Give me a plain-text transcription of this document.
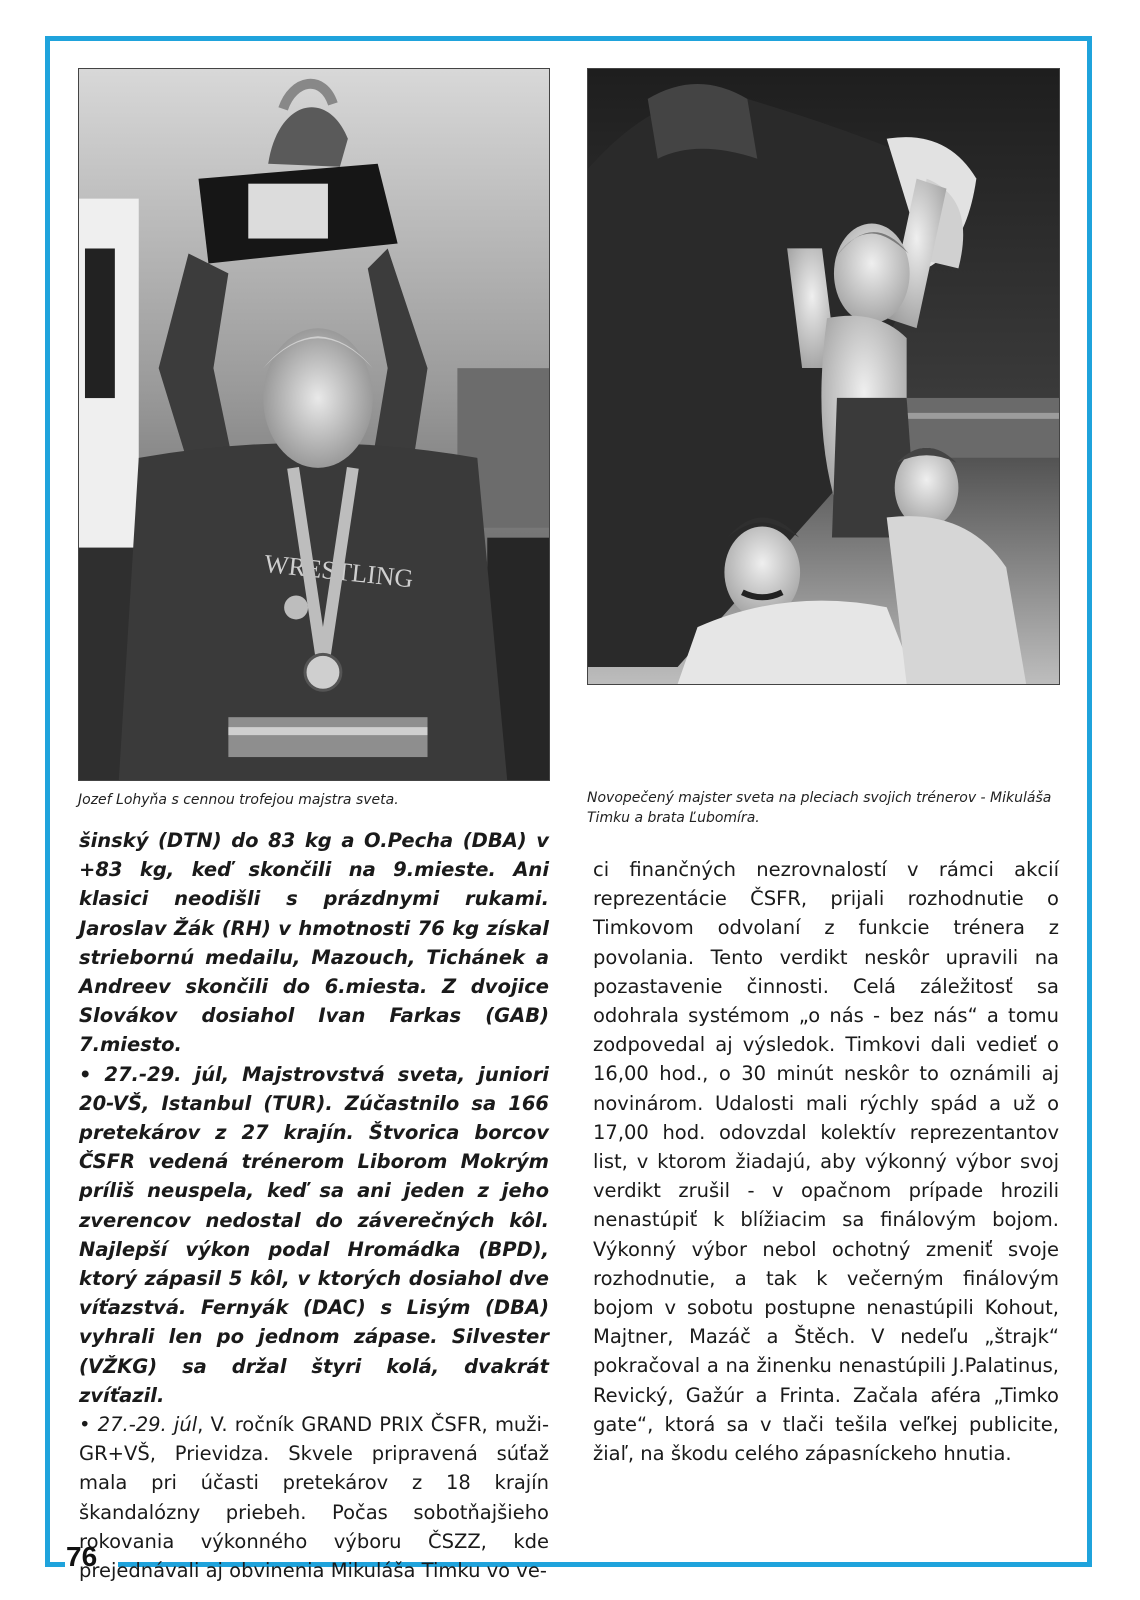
76
WRESTLING
Jozef Lohyňa s cennou trofejou majstra sveta.	Novopečený majster sveta na pleciach svojich trénerov - Mikuláša Timku a brata Ľubomíra.

šinský (DTN) do 83 kg a O.Pecha (DBA) v +83 kg, keď skončili na 9.mieste. Ani klasici neodišli s prázdnymi rukami. Jaroslav Žák (RH) v hmotnosti 76 kg získal striebornú medailu, Mazouch, Tichánek a Andreev skončili do 6.miesta. Z dvojice Slovákov dosiahol Ivan Farkas (GAB) 7.miesto.

• 27.-29. júl, Majstrovstvá sveta, juniori 20-VŠ, Istanbul (TUR). Zúčastnilo sa 166 pretekárov z 27 krajín. Štvorica borcov ČSFR vedená trénerom Liborom Mokrým príliš neuspela, keď sa ani jeden z jeho zverencov nedostal do záverečných kôl. Najlepší výkon podal Hromádka (BPD), ktorý zápasil 5 kôl, v ktorých dosiahol dve víťazstvá. Fernyák (DAC) s Lisým (DBA) vyhrali len po jednom zápase. Silvester (VŽKG) sa držal štyri kolá, dvakrát zvíťazil.

• 27.-29. júl, V. ročník GRAND PRIX ČSFR, muži-GR+VŠ, Prievidza. Skvele pripravená súťaž mala pri účasti pretekárov z 18 krajín škandalózny priebeh. Počas sobotňajšieho rokovania výkonného výboru ČSZZ, kde prejednávali aj obvinenia Mikuláša Timku vo ve-

ci finančných nezrovnalostí v rámci akcií reprezentácie ČSFR, prijali rozhodnutie o Timkovom odvolaní z funkcie trénera z povolania. Tento verdikt neskôr upravili na pozastavenie činnosti. Celá záležitosť sa odohrala systémom „o nás - bez nás“ a tomu zodpovedal aj výsledok. Timkovi dali vedieť o 16,00 hod., o 30 minút neskôr to oznámili aj novinárom. Udalosti mali rýchly spád a už o 17,00 hod. odovzdal kolektív reprezentantov list, v ktorom žiadajú, aby výkonný výbor svoj verdikt zrušil - v opačnom prípade hrozili nenastúpiť k blížiacim sa finálovým bojom. Výkonný výbor nebol ochotný zmeniť svoje rozhodnutie, a tak k večerným finálovým bojom v sobotu postupne nenastúpili Kohout, Majtner, Mazáč a Štěch. V nedeľu „štrajk“ pokračoval a na žinenku nenastúpili J.Palatinus, Revický, Gažúr a Frinta. Začala aféra „Timko gate“, ktorá sa v tlači tešila veľkej publicite, žiaľ, na škodu celého zápasníckeho hnutia.
